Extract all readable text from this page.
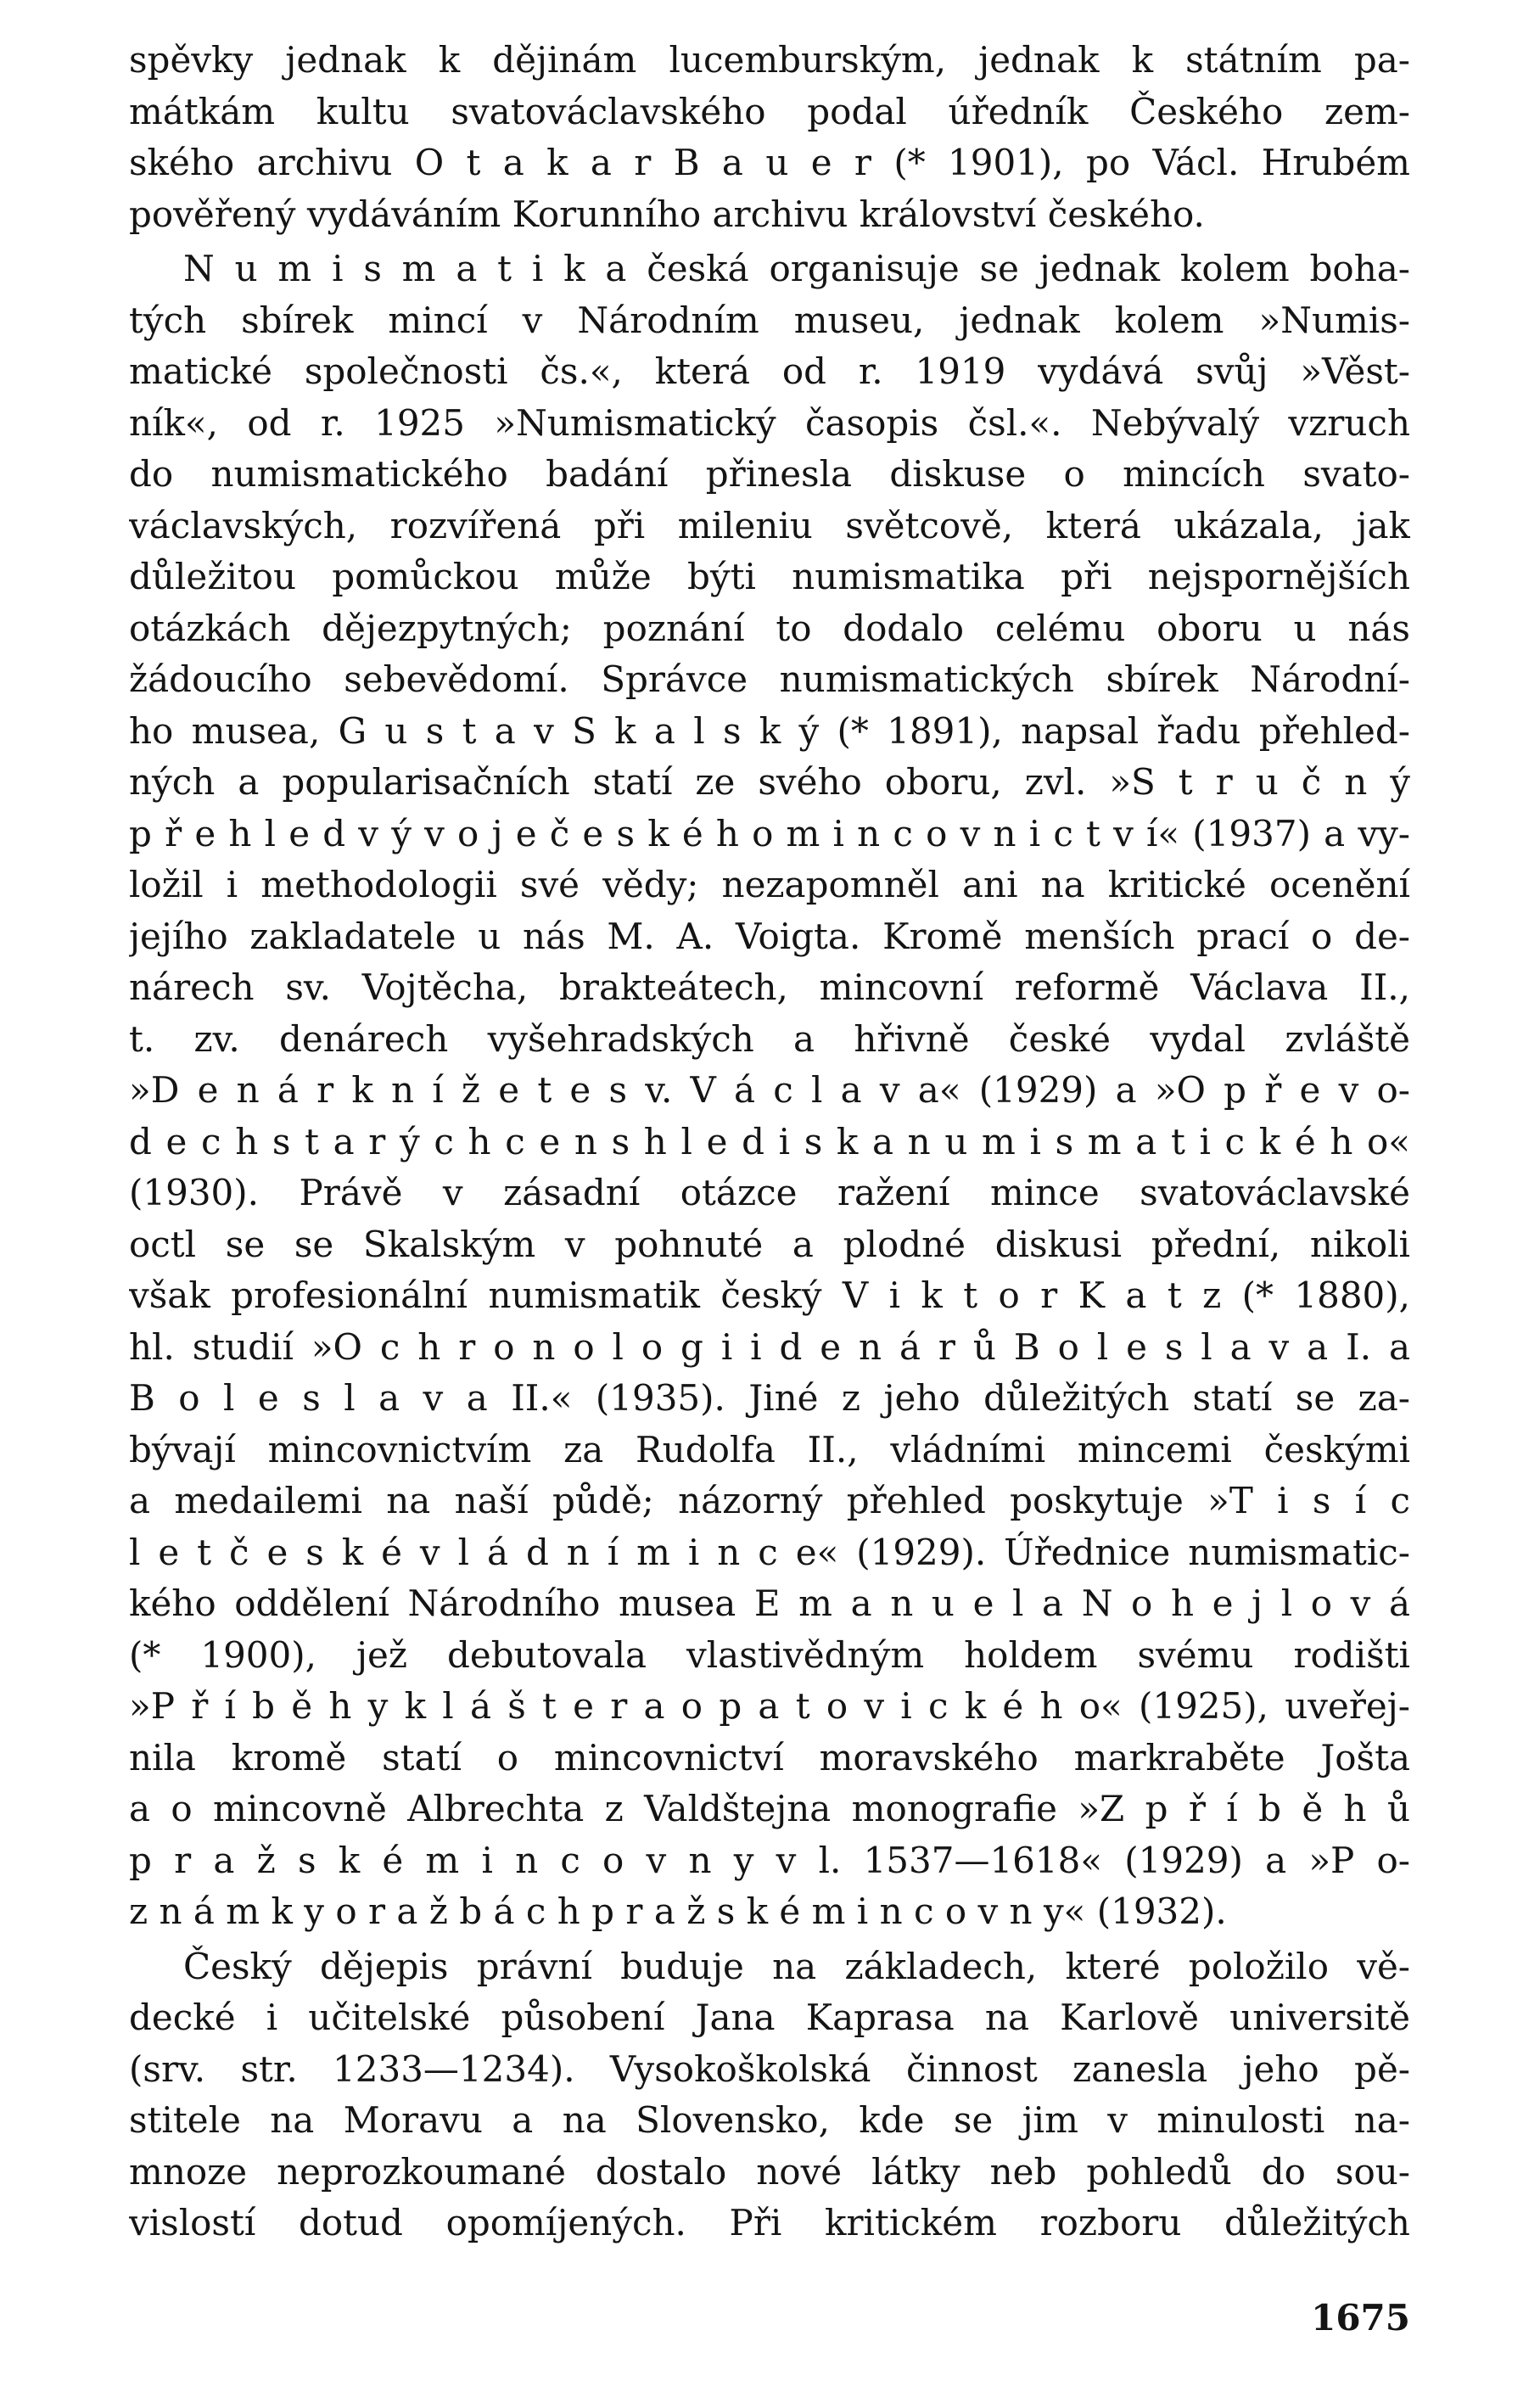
spěvky jednak k dějinám lucemburským, jednak k státním pa-
mátkám kultu svatováclavského podal úředník Českého zem-
ského archivu O t a k a r B a u e r (* 1901), po Václ. Hrubém
pověřený vydáváním Korunního archivu království českého.
N u m i s m a t i k a česká organisuje se jednak kolem boha-
tých sbírek mincí v Národním museu, jednak kolem »Numis-
matické společnosti čs.«, která od r. 1919 vydává svůj »Věst-
ník«, od r. 1925 »Numismatický časopis čsl.«. Nebývalý vzruch
do numismatického badání přinesla diskuse o mincích svato-
václavských, rozvířená při mileniu světcově, která ukázala, jak
důležitou pomůckou může býti numismatika při nejspornějších
otázkách dějezpytných; poznání to dodalo celému oboru u nás
žádoucího sebevědomí. Správce numismatických sbírek Národní-
ho musea, G u s t a v S k a l s k ý (* 1891), napsal řadu přehled-
ných a popularisačních statí ze svého oboru, zvl. »S t r u č n ý
p ř e h l e d v ý v o j e č e s k é h o m i n c o v n i c t v í« (1937) a vy-
ložil i methodologii své vědy; nezapomněl ani na kritické ocenění
jejího zakladatele u nás M. A. Voigta. Kromě menších prací o de-
nárech sv. Vojtěcha, brakteátech, mincovní reformě Václava II.,
t. zv. denárech vyšehradských a hřivně české vydal zvláště
»D e n á r k n í ž e t e s v. V á c l a v a« (1929) a »O p ř e v o-
d e c h s t a r ý c h c e n s h l e d i s k a n u m i s m a t i c k é h o«
(1930). Právě v zásadní otázce ražení mince svatováclavské
octl se se Skalským v pohnuté a plodné diskusi přední, nikoli
však profesionální numismatik český V i k t o r K a t z (* 1880),
hl. studií »O c h r o n o l o g i i d e n á r ů B o l e s l a v a I. a
B o l e s l a v a II.« (1935). Jiné z jeho důležitých statí se za-
bývají mincovnictvím za Rudolfa II., vládními mincemi českými
a medailemi na naší půdě; názorný přehled poskytuje »T i s í c
l e t č e s k é v l á d n í m i n c e« (1929). Úřednice numismatic-
kého oddělení Národního musea E m a n u e l a N o h e j l o v á
(* 1900), jež debutovala vlastivědným holdem svému rodišti
»P ř í b ě h y k l á š t e r a o p a t o v i c k é h o« (1925), uveřej-
nila kromě statí o mincovnictví moravského markraběte Jošta
a o mincovně Albrechta z Valdštejna monografie »Z p ř í b ě h ů
p r a ž s k é m i n c o v n y v l. 1537—1618« (1929) a »P o-
z n á m k y o r a ž b á c h p r a ž s k é m i n c o v n y« (1932).
Český dějepis právní buduje na základech, které položilo vě-
decké i učitelské působení Jana Kaprasa na Karlově universitě
(srv. str. 1233—1234). Vysokoškolská činnost zanesla jeho pě-
stitele na Moravu a na Slovensko, kde se jim v minulosti na-
mnoze neprozkoumané dostalo nové látky neb pohledů do sou-
vislostí dotud opomíjených. Při kritickém rozboru důležitých
1675
